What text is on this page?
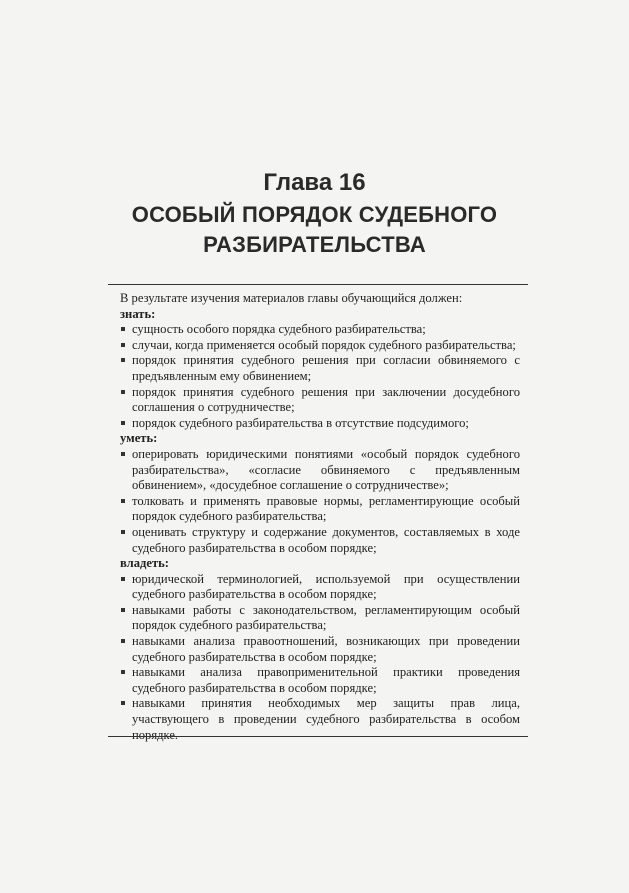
Глава 16
ОСОБЫЙ ПОРЯДОК СУДЕБНОГО
РАЗБИРАТЕЛЬСТВА

В результате изучения материалов главы обучающийся должен:

знать:

сущность особого порядка судебного разбирательства;
случаи, когда применяется особый порядок судебного разбирательства;
порядок принятия судебного решения при согласии обвиняемого с предъявленным ему обвинением;
порядок принятия судебного решения при заключении досудебного соглашения о сотрудничестве;
порядок судебного разбирательства в отсутствие подсудимого;

уметь:

оперировать юридическими понятиями «особый порядок судебного разбирательства», «согласие обвиняемого с предъявленным обвинением», «досудебное соглашение о сотрудничестве»;
толковать и применять правовые нормы, регламентирующие особый порядок судебного разбирательства;
оценивать структуру и содержание документов, составляемых в ходе судебного разбирательства в особом порядке;

владеть:

юридической терминологией, используемой при осуществлении судебного разбирательства в особом порядке;
навыками работы с законодательством, регламентирующим особый порядок судебного разбирательства;
навыками анализа правоотношений, возникающих при проведении судебного разбирательства в особом порядке;
навыками анализа правоприменительной практики проведения судебного разбирательства в особом порядке;
навыками принятия необходимых мер защиты прав лица, участвующего в проведении судебного разбирательства в особом порядке.
